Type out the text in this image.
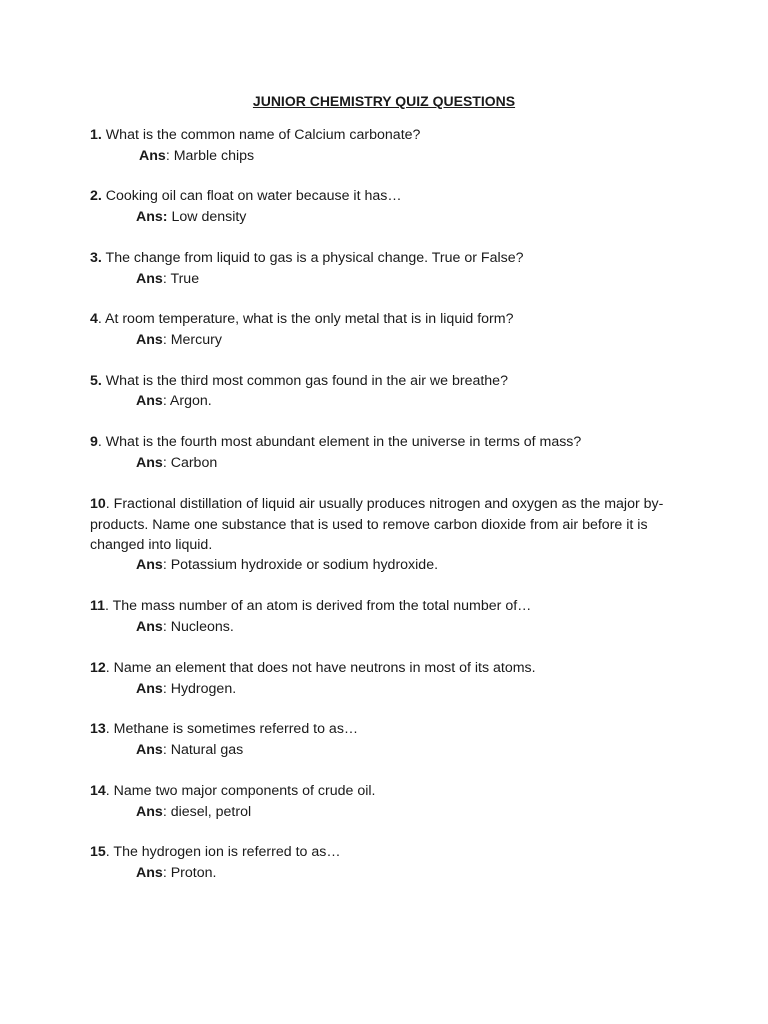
JUNIOR CHEMISTRY QUIZ QUESTIONS
1. What is the common name of Calcium carbonate?
Ans: Marble chips
2. Cooking oil can float on water because it has…
Ans: Low density
3. The change from liquid to gas is a physical change. True or False?
Ans: True
4. At room temperature, what is the only metal that is in liquid form?
Ans: Mercury
5. What is the third most common gas found in the air we breathe?
Ans: Argon.
9. What is the fourth most abundant element in the universe in terms of mass?
Ans: Carbon
10. Fractional distillation of liquid air usually produces nitrogen and oxygen as the major by-products. Name one substance that is used to remove carbon dioxide from air before it is changed into liquid.
Ans: Potassium hydroxide or sodium hydroxide.
11. The mass number of an atom is derived from the total number of…
Ans: Nucleons.
12. Name an element that does not have neutrons in most of its atoms.
Ans: Hydrogen.
13. Methane is sometimes referred to as…
Ans: Natural gas
14. Name two major components of crude oil.
Ans: diesel, petrol
15. The hydrogen ion is referred to as…
Ans: Proton.
